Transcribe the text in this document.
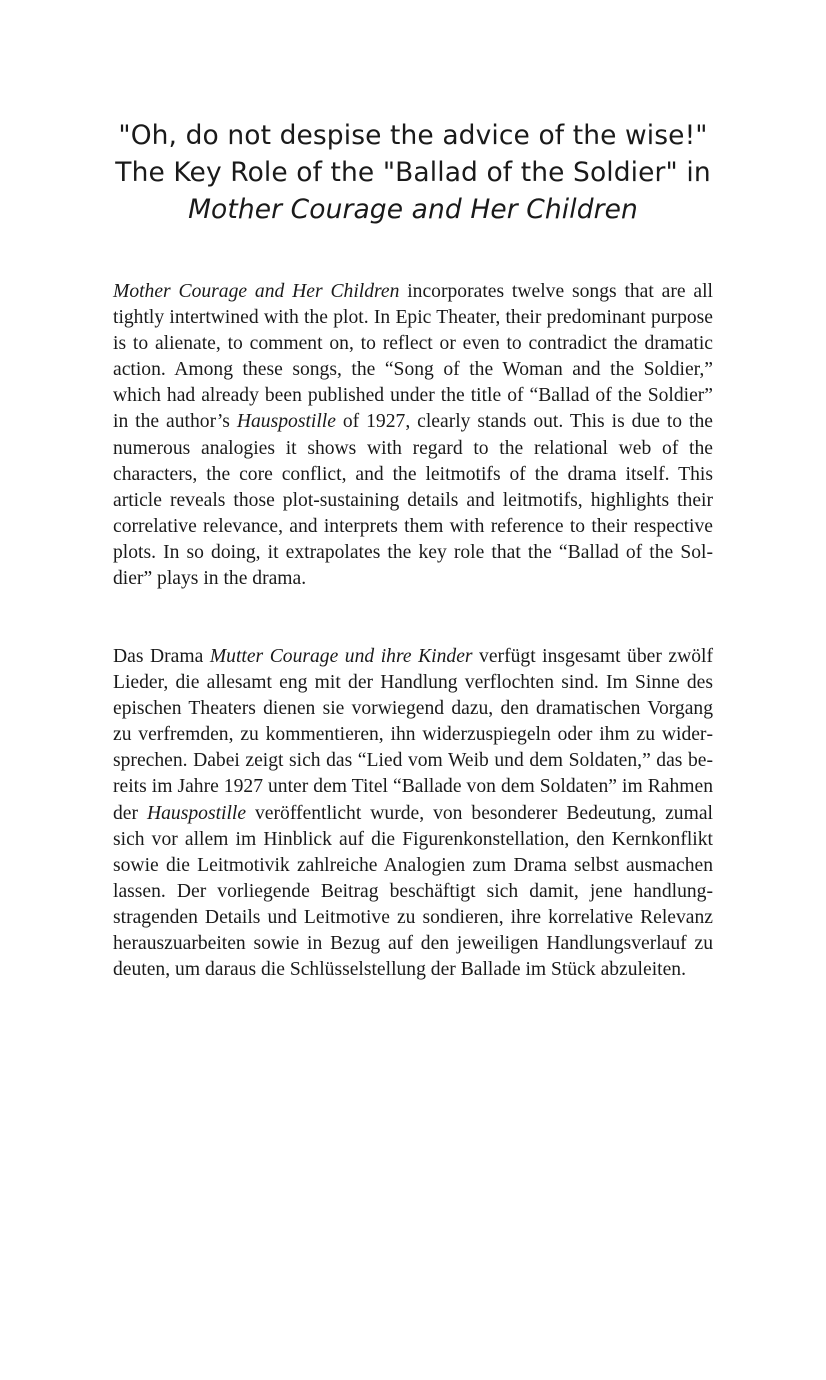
"Oh, do not despise the advice of the wise!"
The Key Role of the "Ballad of the Soldier" in
Mother Courage and Her Children

Mother Courage and Her Children incorporates twelve songs that are all tightly intertwined with the plot. In Epic Theater, their predominant purpose is to alienate, to comment on, to reflect or even to contradict the dramatic action. Among these songs, the “Song of the Woman and the Soldier,” which had already been published under the title of “Ballad of the Soldier” in the author’s Hauspostille of 1927, clearly stands out. This is due to the numerous analogies it shows with regard to the relational web of the characters, the core conflict, and the leitmotifs of the drama itself. This article reveals those plot-sustaining details and leitmotifs, highlights their correlative relevance, and interprets them with reference to their respective plots. In so doing, it extrapolates the key role that the “Ballad of the Soldier” plays in the drama.

Das Drama Mutter Courage und ihre Kinder verfügt insgesamt über zwölf Lieder, die allesamt eng mit der Handlung verflochten sind. Im Sinne des epischen Theaters dienen sie vorwiegend dazu, den dramatischen Vorgang zu verfremden, zu kommentieren, ihn widerzuspiegeln oder ihm zu widersprechen. Dabei zeigt sich das “Lied vom Weib und dem Soldaten,” das bereits im Jahre 1927 unter dem Titel “Ballade von dem Soldaten” im Rahmen der Hauspostille veröffentlicht wurde, von besonderer Bedeutung, zumal sich vor allem im Hinblick auf die Figurenkonstellation, den Kernkonflikt sowie die Leitmotivik zahlreiche Analogien zum Drama selbst ausmachen lassen. Der vorliegende Beitrag beschäftigt sich damit, jene handlungstragenden Details und Leitmotive zu sondieren, ihre korrelative Relevanz herauszuarbeiten sowie in Bezug auf den jeweiligen Handlungsverlauf zu deuten, um daraus die Schlüsselstellung der Ballade im Stück abzuleiten.
